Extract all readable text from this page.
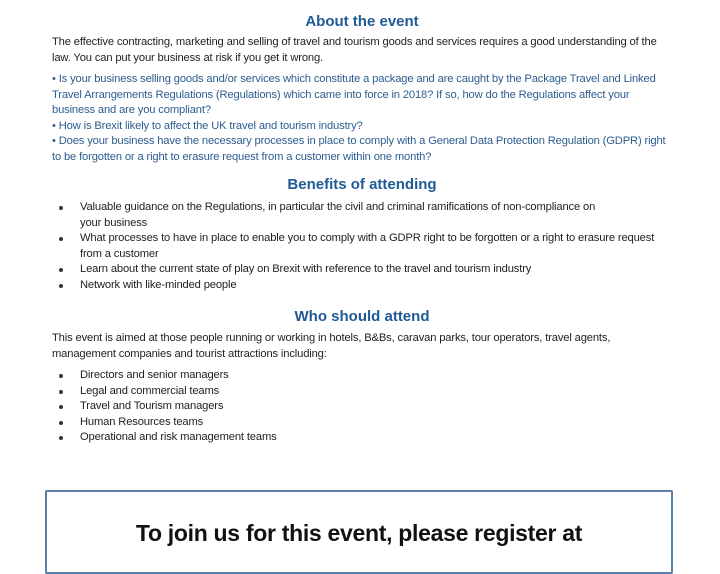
About the event

The effective contracting, marketing and selling of travel and tourism goods and services requires a good understanding of the law. You can put your business at risk if you get it wrong.

• Is your business selling goods and/or services which constitute a package and are caught by the Package Travel and Linked Travel Arrangements Regulations (Regulations) which came into force in 2018? If so, how do the Regulations affect your business and are you compliant?

• How is Brexit likely to affect the UK travel and tourism industry?

• Does your business have the necessary processes in place to comply with a General Data Protection Regulation (GDPR) right to be forgotten or a right to erasure request from a customer within one month?

Benefits of attending
Valuable guidance on the Regulations, in particular the civil and criminal ramifications of non-compliance on your business
What processes to have in place to enable you to comply with a GDPR right to be forgotten or a right to erasure request from a customer
Learn about the current state of play on Brexit with reference to the travel and tourism industry
Network with like-minded people
Who should attend

This event is aimed at those people running or working in hotels, B&Bs, caravan parks, tour operators, travel agents, management companies and tourist attractions including:

Directors and senior managers
Legal and commercial teams
Travel and Tourism managers
Human Resources teams
Operational and risk management teams
To join us for this event, please register at
